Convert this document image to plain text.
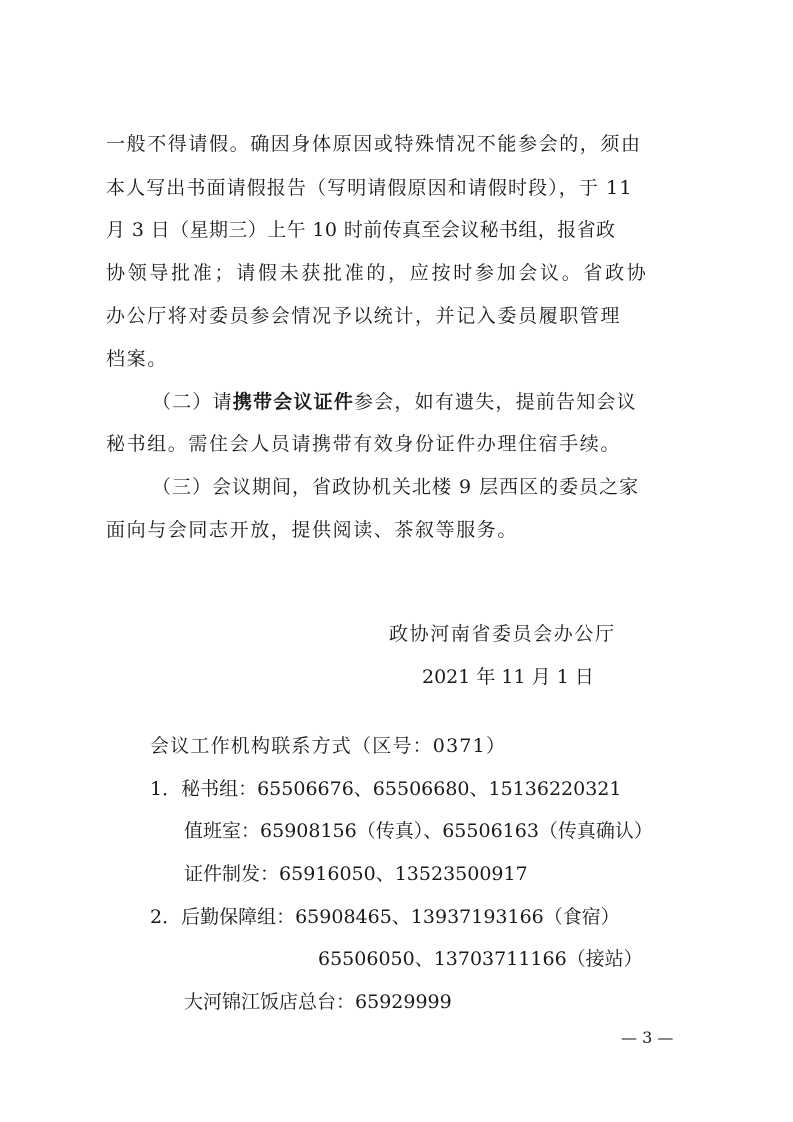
一般不得请假。确因身体原因或特殊情况不能参会的，须由
本人写出书面请假报告（写明请假原因和请假时段），于 11
月 3 日（星期三）上午 10 时前传真至会议秘书组，报省政
协领导批准；请假未获批准的，应按时参加会议。省政协
办公厅将对委员参会情况予以统计，并记入委员履职管理
档案。
（二）请携带会议证件参会，如有遗失，提前告知会议
秘书组。需住会人员请携带有效身份证件办理住宿手续。
（三）会议期间，省政协机关北楼 9 层西区的委员之家
面向与会同志开放，提供阅读、茶叙等服务。
政协河南省委员会办公厅
2021 年 11 月 1 日
会议工作机构联系方式（区号：0371）
1．秘书组：65506676、65506680、15136220321
值班室：65908156（传真）、65506163（传真确认）
证件制发：65916050、13523500917
2．后勤保障组：65908465、13937193166（食宿）
65506050、13703711166（接站）
大河锦江饭店总台：65929999
— 3 —
